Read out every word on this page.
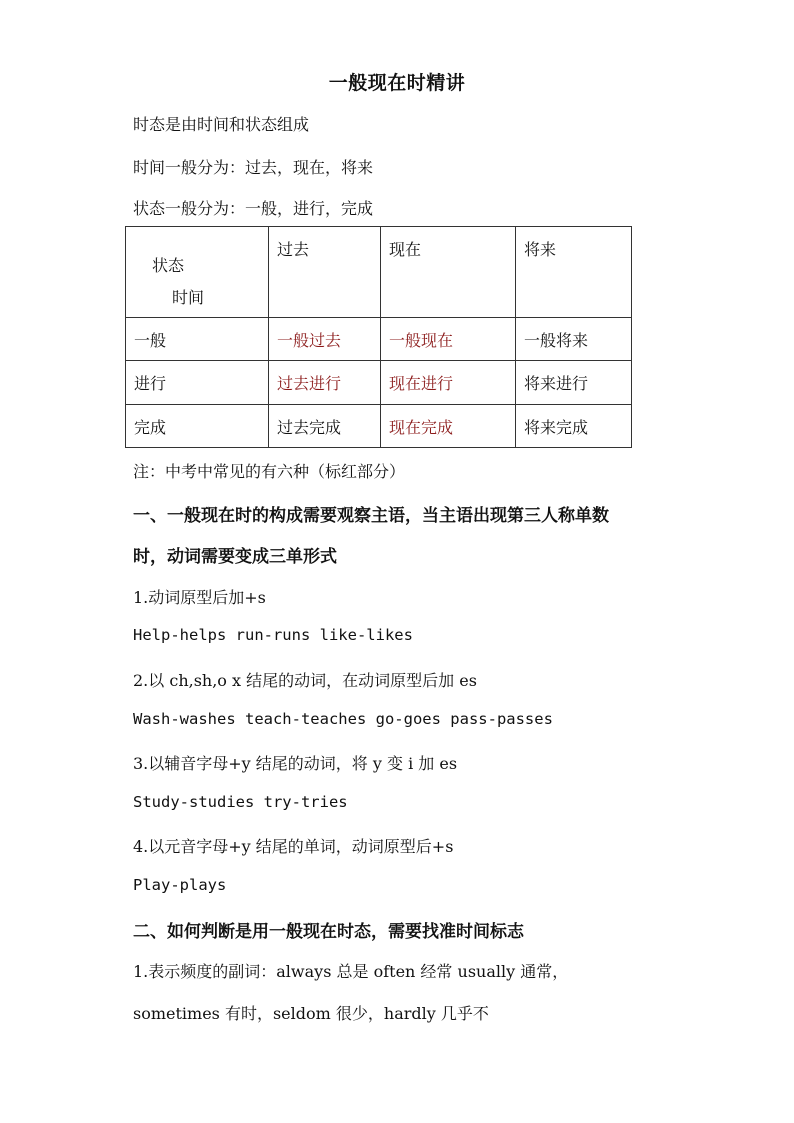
一般现在时精讲
时态是由时间和状态组成
时间一般分为：过去，现在，将来
状态一般分为：一般，进行，完成
状态
时间	过去	现在	将来
一般	一般过去	一般现在	一般将来
进行	过去进行	现在进行	将来进行
完成	过去完成	现在完成	将来完成
注：中考中常见的有六种（标红部分）
一、一般现在时的构成需要观察主语，当主语出现第三人称单数
时，动词需要变成三单形式
1.动词原型后加+s
Help-helps run-runs like-likes
2.以 ch,sh,o x 结尾的动词，在动词原型后加 es
Wash-washes teach-teaches go-goes pass-passes
3.以辅音字母+y 结尾的动词，将 y 变 i 加 es
Study-studies try-tries
4.以元音字母+y 结尾的单词，动词原型后+s
Play-plays
二、如何判断是用一般现在时态，需要找准时间标志
1.表示频度的副词：always 总是 often 经常 usually 通常，
sometimes 有时，seldom 很少，hardly 几乎不
